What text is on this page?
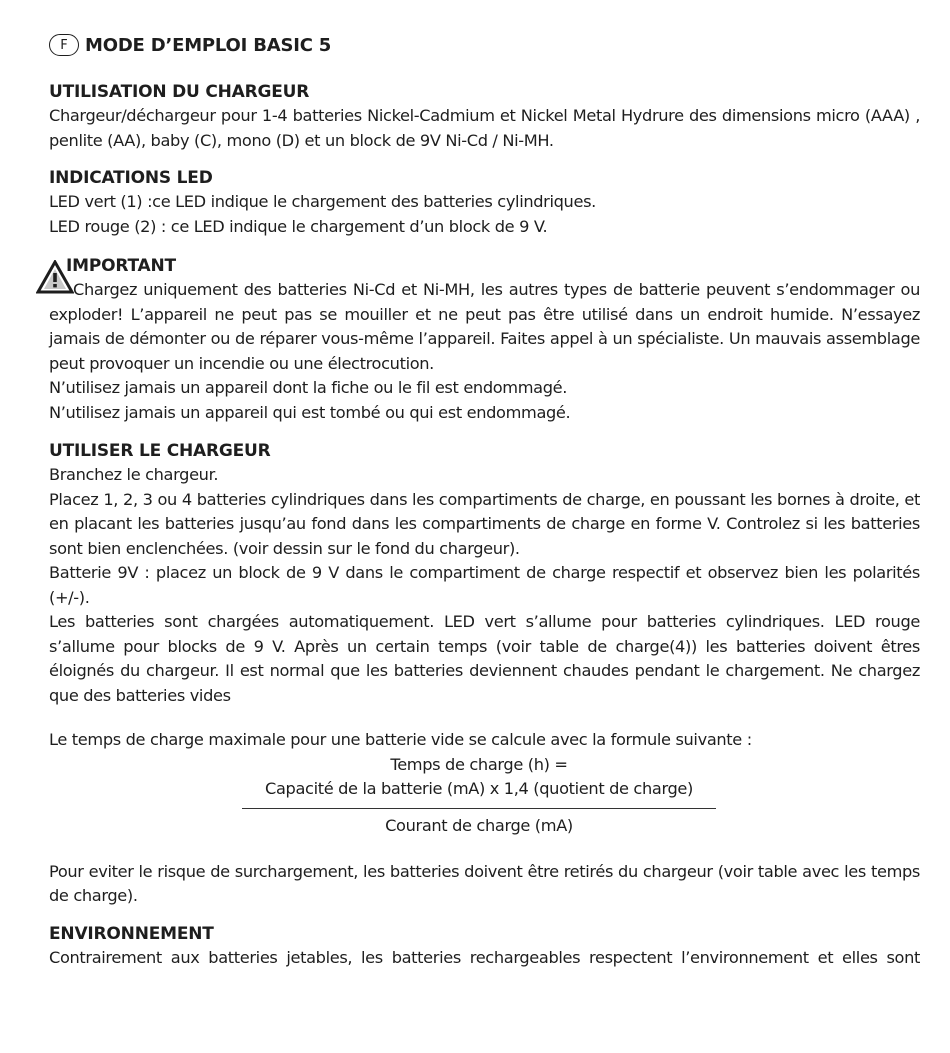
F MODE D’EMPLOI BASIC 5
UTILISATION DU CHARGEUR

Chargeur/déchargeur pour 1-4 batteries Nickel-Cadmium et Nickel Metal Hydrure des dimensions micro (AAA) , penlite (AA), baby (C), mono (D) et un block de 9V Ni-Cd / Ni-MH.

INDICATIONS LED

LED vert (1) :ce LED indique le chargement des batteries cylindriques.

LED rouge (2) : ce LED indique le chargement d’un block de 9 V.

IMPORTANT

Chargez uniquement des batteries Ni-Cd et Ni-MH, les autres types de batterie peuvent s’endommager ou exploder! L’appareil ne peut pas se mouiller et ne peut pas être utilisé dans un endroit humide. N’essayez jamais de démonter ou de réparer vous-même l’appareil. Faites appel à un spécialiste. Un mauvais assemblage peut provoquer un incendie ou une électrocution.

N’utilisez jamais un appareil dont la fiche ou le fil est endommagé.

N’utilisez jamais un appareil qui est tombé ou qui est endommagé.

UTILISER LE CHARGEUR

Branchez le chargeur.

Placez 1, 2, 3 ou 4 batteries cylindriques dans les compartiments de charge, en poussant les bornes à droite, et en placant les batteries jusqu’au fond dans les compartiments de charge en forme V. Controlez si les batteries sont bien enclenchées. (voir dessin sur le fond du chargeur).

Batterie 9V : placez un block de 9 V dans le compartiment de charge respectif et observez bien les polarités (+/-).

Les batteries sont chargées automatiquement. LED vert s’allume pour batteries cylindriques. LED rouge s’allume pour blocks de 9 V. Après un certain temps (voir table de charge(4)) les batteries doivent êtres éloignés du chargeur. Il est normal que les batteries deviennent chaudes pendant le chargement. Ne chargez que des batteries vides

Le temps de charge maximale pour une batterie vide se calcule avec la formule suivante :

Temps de charge (h) =
Capacité de la batterie (mA) x 1,4 (quotient de charge)
Courant de charge (mA)

Pour eviter le risque de surchargement, les batteries doivent être retirés du chargeur (voir table avec les temps de charge).

ENVIRONNEMENT

Contrairement aux batteries jetables, les batteries rechargeables respectent l’environnement et elles sont
